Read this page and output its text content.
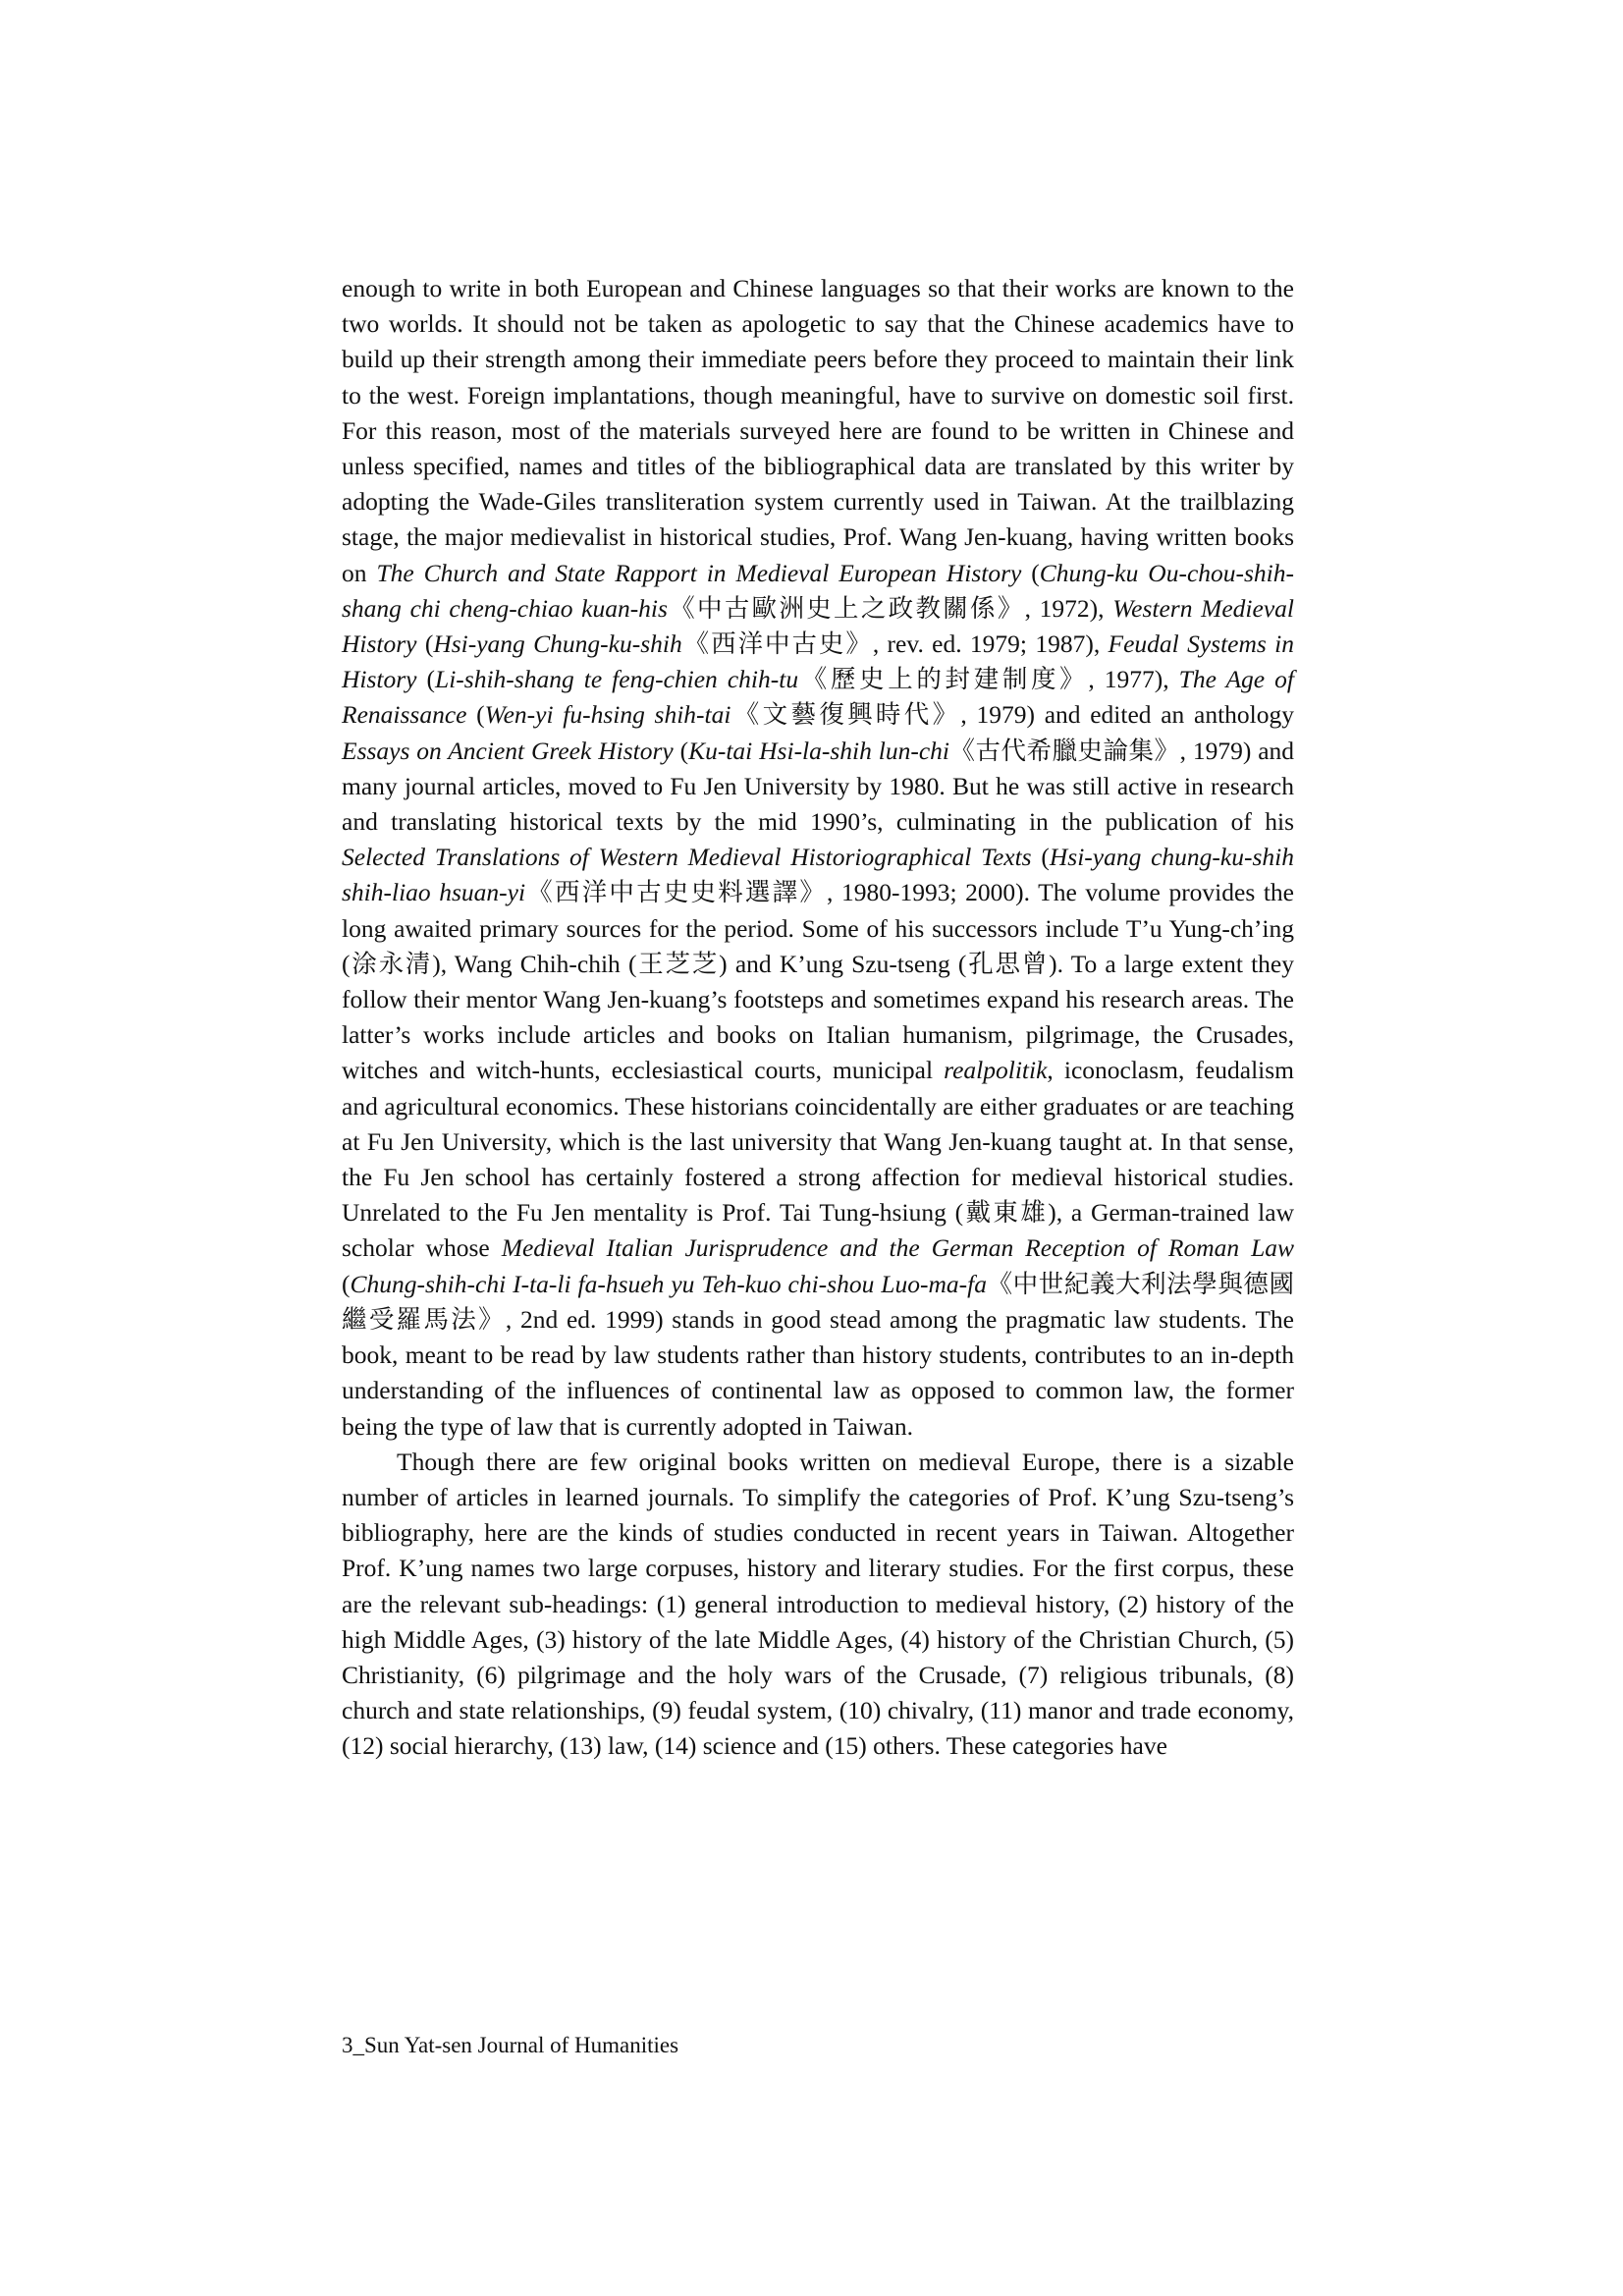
enough to write in both European and Chinese languages so that their works are known to the two worlds. It should not be taken as apologetic to say that the Chinese academics have to build up their strength among their immediate peers before they proceed to maintain their link to the west. Foreign implantations, though meaningful, have to survive on domestic soil first. For this reason, most of the materials surveyed here are found to be written in Chinese and unless specified, names and titles of the bibliographical data are translated by this writer by adopting the Wade-Giles transliteration system currently used in Taiwan. At the trailblazing stage, the major medievalist in historical studies, Prof. Wang Jen-kuang, having written books on The Church and State Rapport in Medieval European History (Chung-ku Ou-chou-shih-shang chi cheng-chiao kuan-his《中古歐洲史上之政教關係》, 1972), Western Medieval History (Hsi-yang Chung-ku-shih《西洋中古史》, rev. ed. 1979; 1987), Feudal Systems in History (Li-shih-shang te feng-chien chih-tu《歷史上的封建制度》, 1977), The Age of Renaissance (Wen-yi fu-hsing shih-tai《文藝復興時代》, 1979) and edited an anthology Essays on Ancient Greek History (Ku-tai Hsi-la-shih lun-chi《古代希臘史論集》, 1979) and many journal articles, moved to Fu Jen University by 1980. But he was still active in research and translating historical texts by the mid 1990’s, culminating in the publication of his Selected Translations of Western Medieval Historiographical Texts (Hsi-yang chung-ku-shih shih-liao hsuan-yi《西洋中古史史料選譯》, 1980-1993; 2000). The volume provides the long awaited primary sources for the period. Some of his successors include T’u Yung-ch’ing (涂永清), Wang Chih-chih (王芝芝) and K’ung Szu-tseng (孔思曾). To a large extent they follow their mentor Wang Jen-kuang’s footsteps and sometimes expand his research areas. The latter’s works include articles and books on Italian humanism, pilgrimage, the Crusades, witches and witch-hunts, ecclesiastical courts, municipal realpolitik, iconoclasm, feudalism and agricultural economics. These historians coincidentally are either graduates or are teaching at Fu Jen University, which is the last university that Wang Jen-kuang taught at. In that sense, the Fu Jen school has certainly fostered a strong affection for medieval historical studies. Unrelated to the Fu Jen mentality is Prof. Tai Tung-hsiung (戴東雄), a German-trained law scholar whose Medieval Italian Jurisprudence and the German Reception of Roman Law (Chung-shih-chi I-ta-li fa-hsueh yu Teh-kuo chi-shou Luo-ma-fa《中世紀義大利法學與德國繼受羅馬法》, 2nd ed. 1999) stands in good stead among the pragmatic law students. The book, meant to be read by law students rather than history students, contributes to an in-depth understanding of the influences of continental law as opposed to common law, the former being the type of law that is currently adopted in Taiwan.

Though there are few original books written on medieval Europe, there is a sizable number of articles in learned journals. To simplify the categories of Prof. K’ung Szu-tseng’s bibliography, here are the kinds of studies conducted in recent years in Taiwan. Altogether Prof. K’ung names two large corpuses, history and literary studies. For the first corpus, these are the relevant sub-headings: (1) general introduction to medieval history, (2) history of the high Middle Ages, (3) history of the late Middle Ages, (4) history of the Christian Church, (5) Christianity, (6) pilgrimage and the holy wars of the Crusade, (7) religious tribunals, (8) church and state relationships, (9) feudal system, (10) chivalry, (11) manor and trade economy, (12) social hierarchy, (13) law, (14) science and (15) others. These categories have

3_Sun Yat-sen Journal of Humanities
